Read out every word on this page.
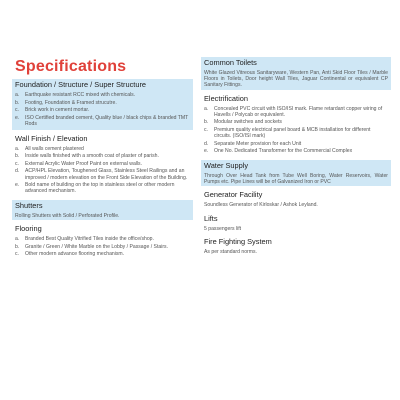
Specifications
Foundation / Structure / Super Structure
a.	Earthquake resistant RCC mixed with chemicals.
b.	Footing, Foundation & Framed strucutre.
c.	Brick work in cement mortar.
e.	ISO Certified branded cement, Quality blue / black chips & branded TMT Rods
Wall Finish / Elevation
a.	All walls cement plastered
b.	Inside walls finished with a smooth coat of plaster of parish.
c.	External Acrylic Water Proof Paint on external walls.
d.	ACP/HPL Elevation, Toughened Glass, Stainless Steel Railings and an improved / modern elevation on the Front Side Elevation of the Building.
e.	Bold name of building on the top in stainless steel or other modern advanced mechanism.
Shutters
Rolling Shutters with Solid / Perforated Profile.
Flooring
a.	Branded Best Quality Vitrified Tiles inside the office/shop.
b.	Granite / Green / White Marble on the Lobby / Passage / Stairs.
c.	Other modern advance flooring mechanism.
Common Toilets
White Glazed Vitreous Sanitaryware, Western Pan, Anti Skid Floor Tiles / Marble Floors in Toilets, Door height Wall Tiles, Jaguar Continental or equivalent CP Sanitary Fittings.
Electrification
a.	Concealed PVC circuit with ISO/ISI mark. Flame retardant copper wiring of Havells / Polycab or equivalent.
b.	Modular switches and sockets
c.	Premium quality electrical panel board & MCB installation for different circuits. (ISO/ISI mark)
d.	Separate Meter provision for each Unit
e.	One No. Dedicated Transformer for the Commercial Complex
Water Supply
Through Over Head Tank from Tube Well Boring, Water Reservoirs, Water Pumps etc. Pipe Lines will be of Galvanized Iron or PVC
Generator Facility
Soundless Generator of Kirloskar / Ashok Leyland.
Lifts
5 passengers lift
Fire Fighting System
As per standard norms.
